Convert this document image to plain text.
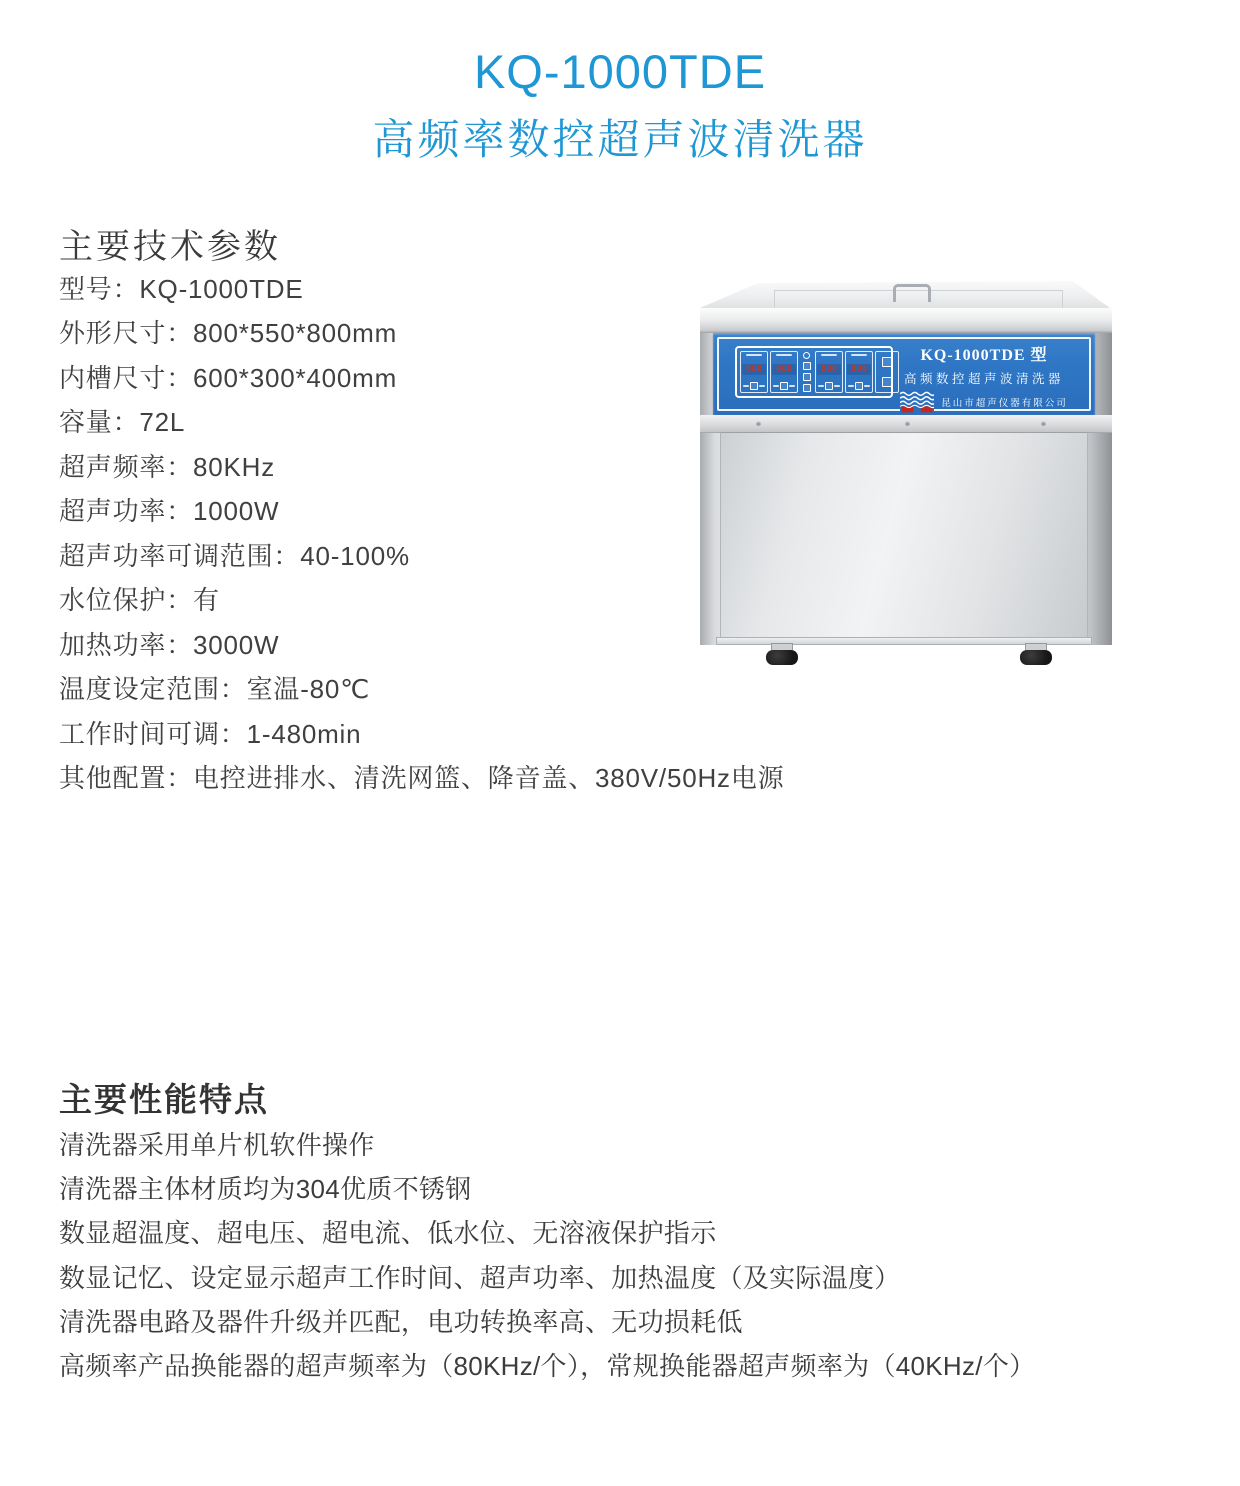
KQ-1000TDE
高频率数控超声波清洗器
主要技术参数
型号：KQ-1000TDE
外形尺寸：800*550*800mm
内槽尺寸：600*300*400mm
容量：72L
超声频率：80KHz
超声功率：1000W
超声功率可调范围：40-100%
水位保护：有
加热功率：3000W
温度设定范围：室温-80℃
工作时间可调：1-480min
其他配置：电控进排水、清洗网篮、降音盖、380V/50Hz电源
888	888	888	888
KQ-1000TDE 型
高频数控超声波清洗器
昆山市超声仪器有限公司
主要性能特点
清洗器采用单片机软件操作
清洗器主体材质均为304优质不锈钢
数显超温度、超电压、超电流、低水位、无溶液保护指示
数显记忆、设定显示超声工作时间、超声功率、加热温度（及实际温度）
清洗器电路及器件升级并匹配，电功转换率高、无功损耗低
高频率产品换能器的超声频率为（80KHz/个），常规换能器超声频率为（40KHz/个）
